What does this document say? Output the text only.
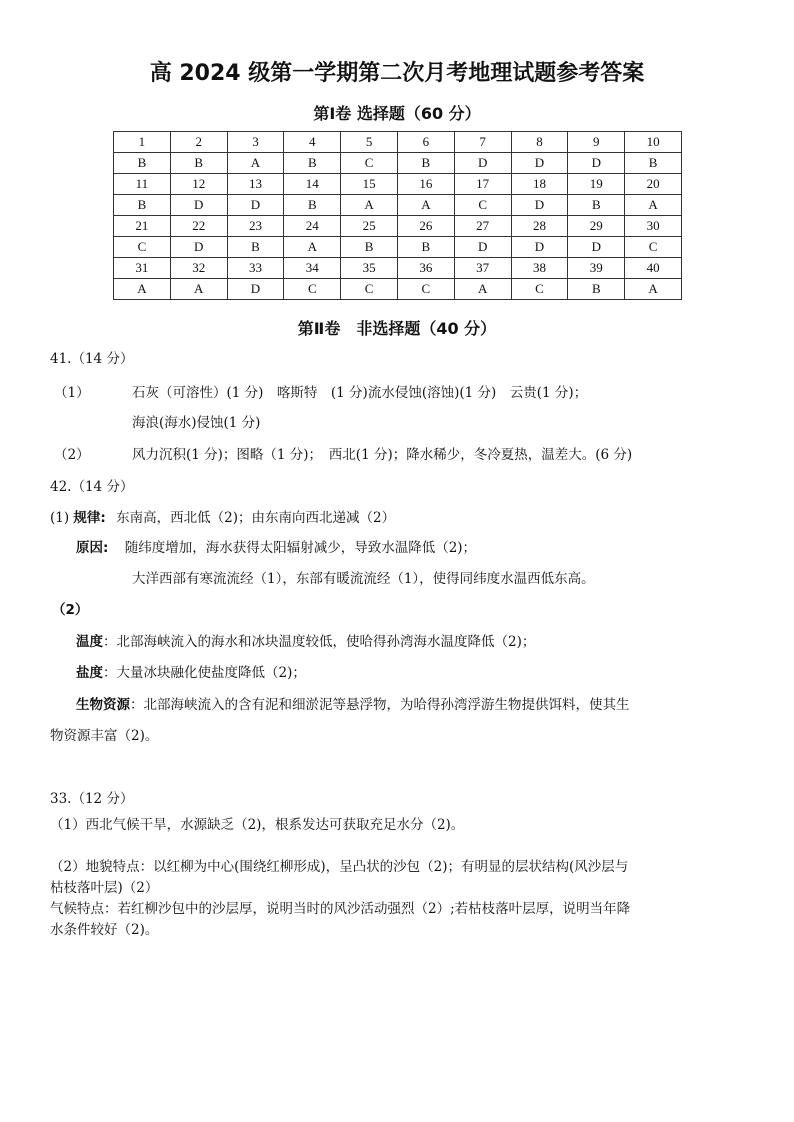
高 2024 级第一学期第二次月考地理试题参考答案
第Ⅰ卷 选择题（60 分）
1	2	3	4	5	6	7	8	9	10
B	B	A	B	C	B	D	D	D	B
11	12	13	14	15	16	17	18	19	20
B	D	D	B	A	A	C	D	B	A
21	22	23	24	25	26	27	28	29	30
C	D	B	A	B	B	D	D	D	C
31	32	33	34	35	36	37	38	39	40
A	A	D	C	C	C	A	C	B	A
第Ⅱ卷　非选择题（40 分）
41.（14 分）
（1）	石灰（可溶性）(1 分)　喀斯特　(1 分)流水侵蚀(溶蚀)(1 分)　云贵(1 分)；
海浪(海水)侵蚀(1 分)
（2）	风力沉积(1 分)；图略（1 分)；　西北(1 分)；降水稀少，冬冷夏热，温差大。(6 分)
42.（14 分）
(1) 规律: 东南高，西北低（2)；由东南向西北递减（2）
原因: 随纬度增加，海水获得太阳辐射减少，导致水温降低（2)；
大洋西部有寒流流经（1），东部有暖流流经（1），使得同纬度水温西低东高。
（2）
温度：北部海峡流入的海水和冰块温度较低，使哈得孙湾海水温度降低（2)；
盐度：大量冰块融化使盐度降低（2)；
生物资源：北部海峡流入的含有泥和细淤泥等悬浮物，为哈得孙湾浮游生物提供饵料，使其生
物资源丰富（2)。
33.（12 分）
（1）西北气候干旱，水源缺乏（2)，根系发达可获取充足水分（2)。
（2）地貌特点：以红柳为中心(围绕红柳形成)，呈凸状的沙包（2)；有明显的层状结构(风沙层与
枯枝落叶层)（2）
气候特点：若红柳沙包中的沙层厚，说明当时的风沙活动强烈（2）;若枯枝落叶层厚，说明当年降
水条件较好（2)。
